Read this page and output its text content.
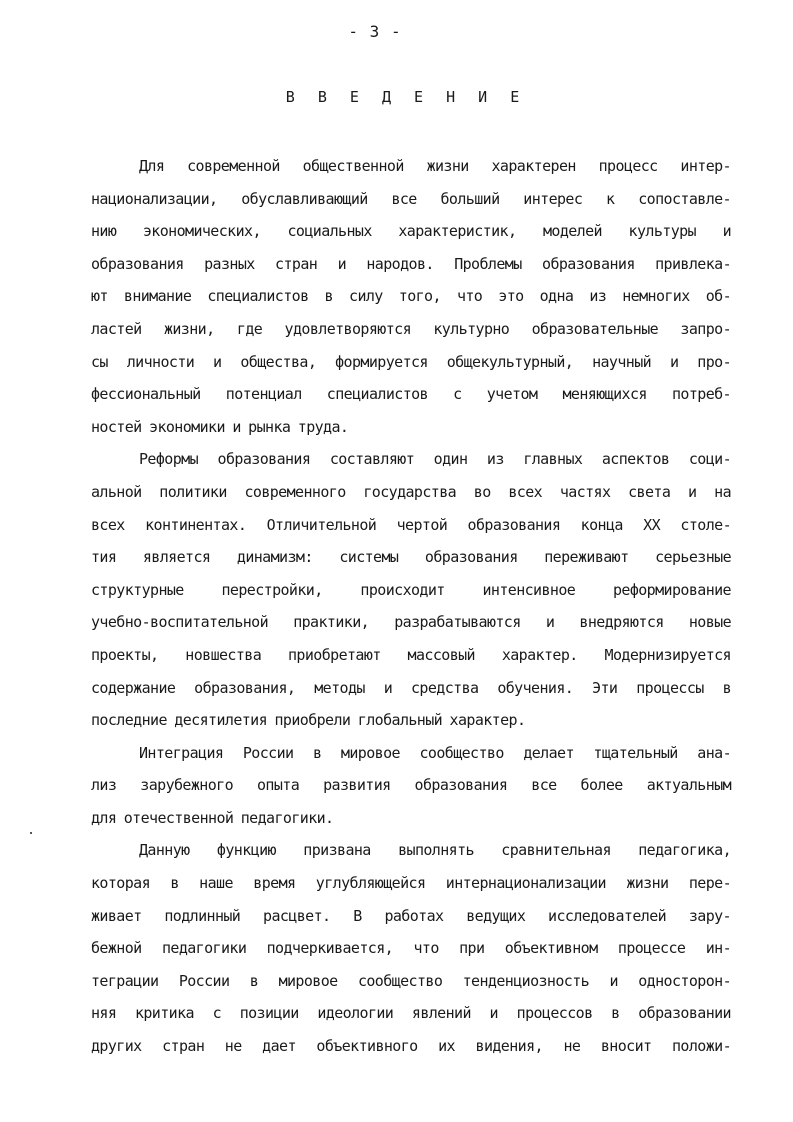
- 3 -
В В Е Д Е Н И Е
Для современной общественной жизни характерен процесс интер-
национализации, обуславливающий все больший интерес к сопоставле-
нию экономических, социальных характеристик, моделей культуры и
образования разных стран и народов. Проблемы образования привлека-
ют внимание специалистов в силу того, что это одна из немногих об-
ластей жизни, где удовлетворяются культурно образовательные запро-
сы личности и общества, формируется общекультурный, научный и про-
фессиональный потенциал специалистов с учетом меняющихся потреб-
ностей экономики и рынка труда.
Реформы образования составляют один из главных аспектов соци-
альной политики современного государства во всех частях света и на
всех континентах. Отличительной чертой образования конца XX столе-
тия является динамизм: системы образования переживают серьезные
структурные перестройки, происходит интенсивное реформирование
учебно-воспитательной практики, разрабатываются и внедряются новые
проекты, новшества приобретают массовый характер. Модернизируется
содержание образования, методы и средства обучения. Эти процессы в
последние десятилетия приобрели глобальный характер.
Интеграция России в мировое сообщество делает тщательный ана-
лиз зарубежного опыта развития образования все более актуальным
для отечественной педагогики.
Данную функцию призвана выполнять сравнительная педагогика,
которая в наше время углубляющейся интернационализации жизни пере-
живает подлинный расцвет. В работах ведущих исследователей зару-
бежной педагогики подчеркивается, что при объективном процессе ин-
теграции России в мировое сообщество тенденциозность и односторон-
няя критика с позиции идеологии явлений и процессов в образовании
других стран не дает объективного их видения, не вносит положи-
